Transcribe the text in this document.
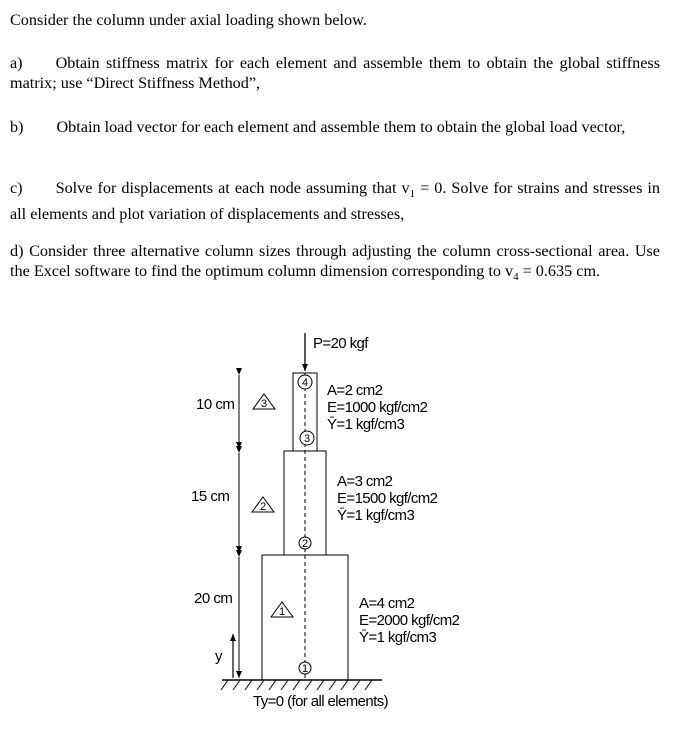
Consider the column under axial loading shown below.

a) Obtain stiffness matrix for each element and assemble them to obtain the global stiffness matrix; use “Direct Stiffness Method”,

b) Obtain load vector for each element and assemble them to obtain the global load vector,

c) Solve for displacements at each node assuming that $v_1 = 0$. Solve for strains and stresses in all elements and plot variation of displacements and stresses,

d) Consider three alternative column sizes through adjusting the column cross-sectional area. Use the Excel software to find the optimum column dimension corresponding to $v_4 = 0.635$ cm.

P=20 kgf
4
3
2
1
3
2
1
10 cm
15 cm
20 cm
y
A=2 cm2
E=1000 kgf/cm2
Ȳ=1 kgf/cm3
A=3 cm2
E=1500 kgf/cm2
Ȳ=1 kgf/cm3
A=4 cm2
E=2000 kgf/cm2
Ȳ=1 kgf/cm3
Ty=0 (for all elements)
